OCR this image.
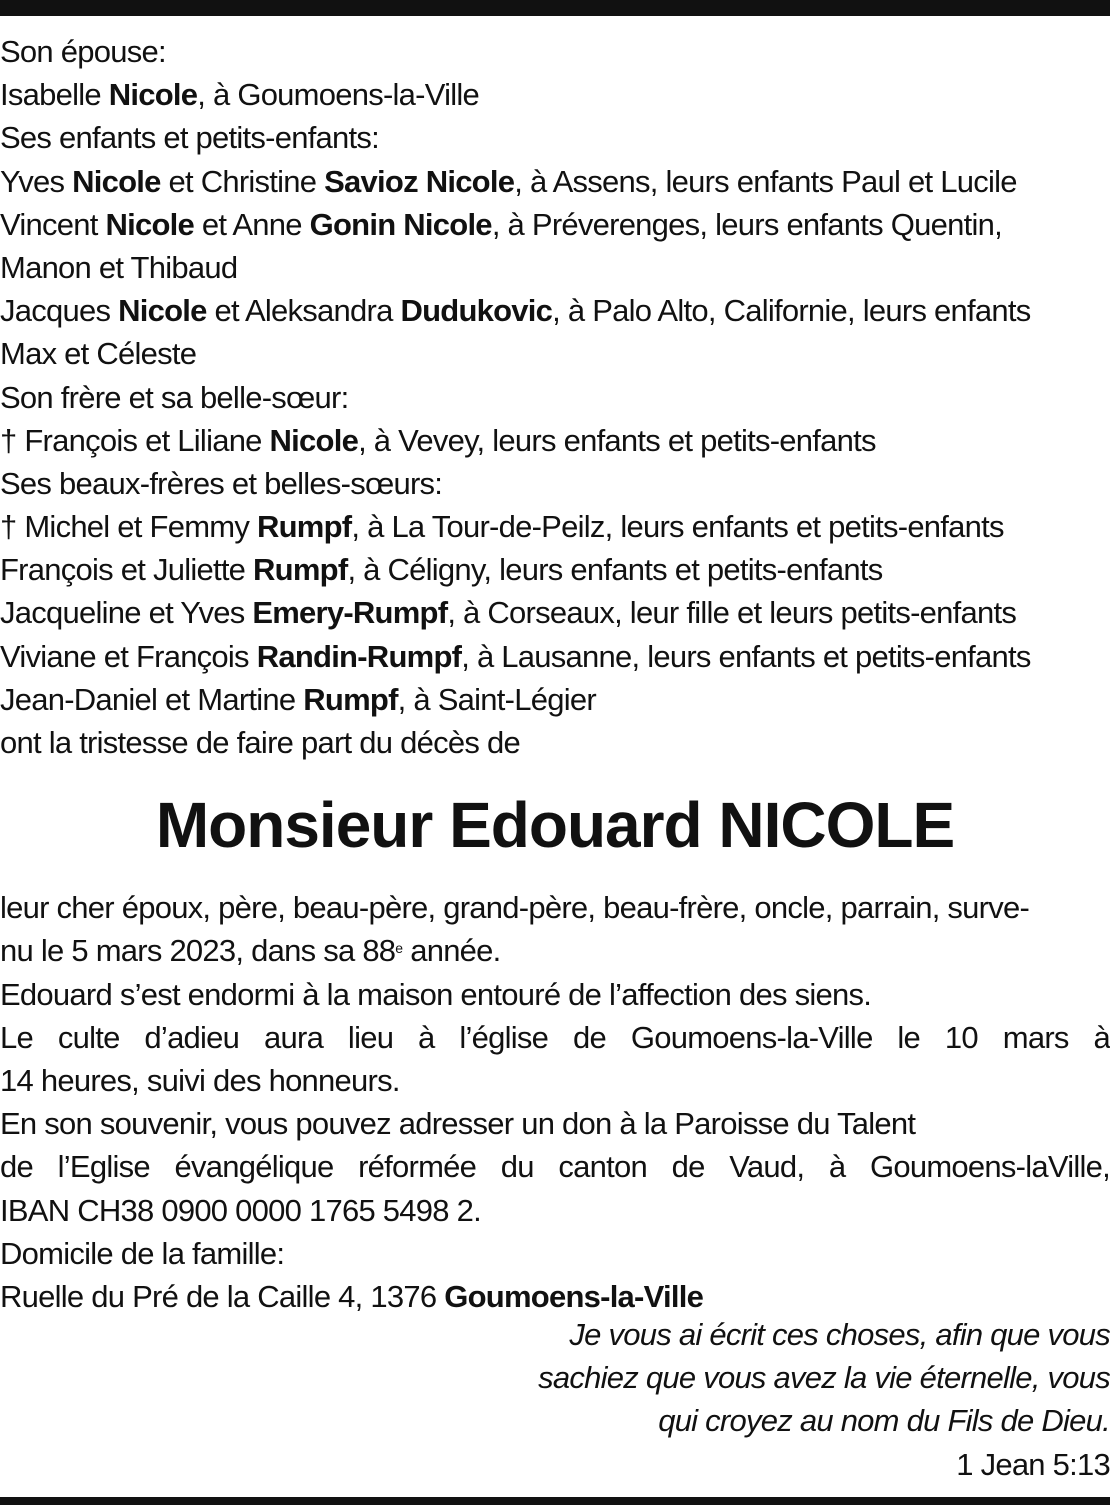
Son épouse:
Isabelle Nicole, à Goumoens-la-Ville
Ses enfants et petits-enfants:
Yves Nicole et Christine Savioz Nicole, à Assens, leurs enfants Paul et Lucile
Vincent Nicole et Anne Gonin Nicole, à Préverenges, leurs enfants Quentin,
Manon et Thibaud
Jacques Nicole et Aleksandra Dudukovic, à Palo Alto, Californie, leurs enfants
Max et Céleste
Son frère et sa belle-sœur:
† François et Liliane Nicole, à Vevey, leurs enfants et petits-enfants
Ses beaux-frères et belles-sœurs:
† Michel et Femmy Rumpf, à La Tour-de-Peilz, leurs enfants et petits-enfants
François et Juliette Rumpf, à Céligny, leurs enfants et petits-enfants
Jacqueline et Yves Emery-Rumpf, à Corseaux, leur fille et leurs petits-enfants
Viviane et François Randin-Rumpf, à Lausanne, leurs enfants et petits-enfants
Jean-Daniel et Martine Rumpf, à Saint-Légier
ont la tristesse de faire part du décès de
Monsieur Edouard NICOLE
leur cher époux, père, beau-père, grand-père, beau-frère, oncle, parrain, surve-
nu le 5 mars 2023, dans sa 88e année.
Edouard s’est endormi à la maison entouré de l’affection des siens.
Le culte d’adieu aura lieu à l’église de Goumoens-la-Ville le 10 mars à
14 heures, suivi des honneurs.
En son souvenir, vous pouvez adresser un don à la Paroisse du Talent
de l’Eglise évangélique réformée du canton de Vaud, à Goumoens-laVille,
IBAN CH38 0900 0000 1765 5498 2.
Domicile de la famille:
Ruelle du Pré de la Caille 4, 1376 Goumoens-la-Ville
Je vous ai écrit ces choses, afin que vous
sachiez que vous avez la vie éternelle, vous
qui croyez au nom du Fils de Dieu.
1 Jean 5:13
